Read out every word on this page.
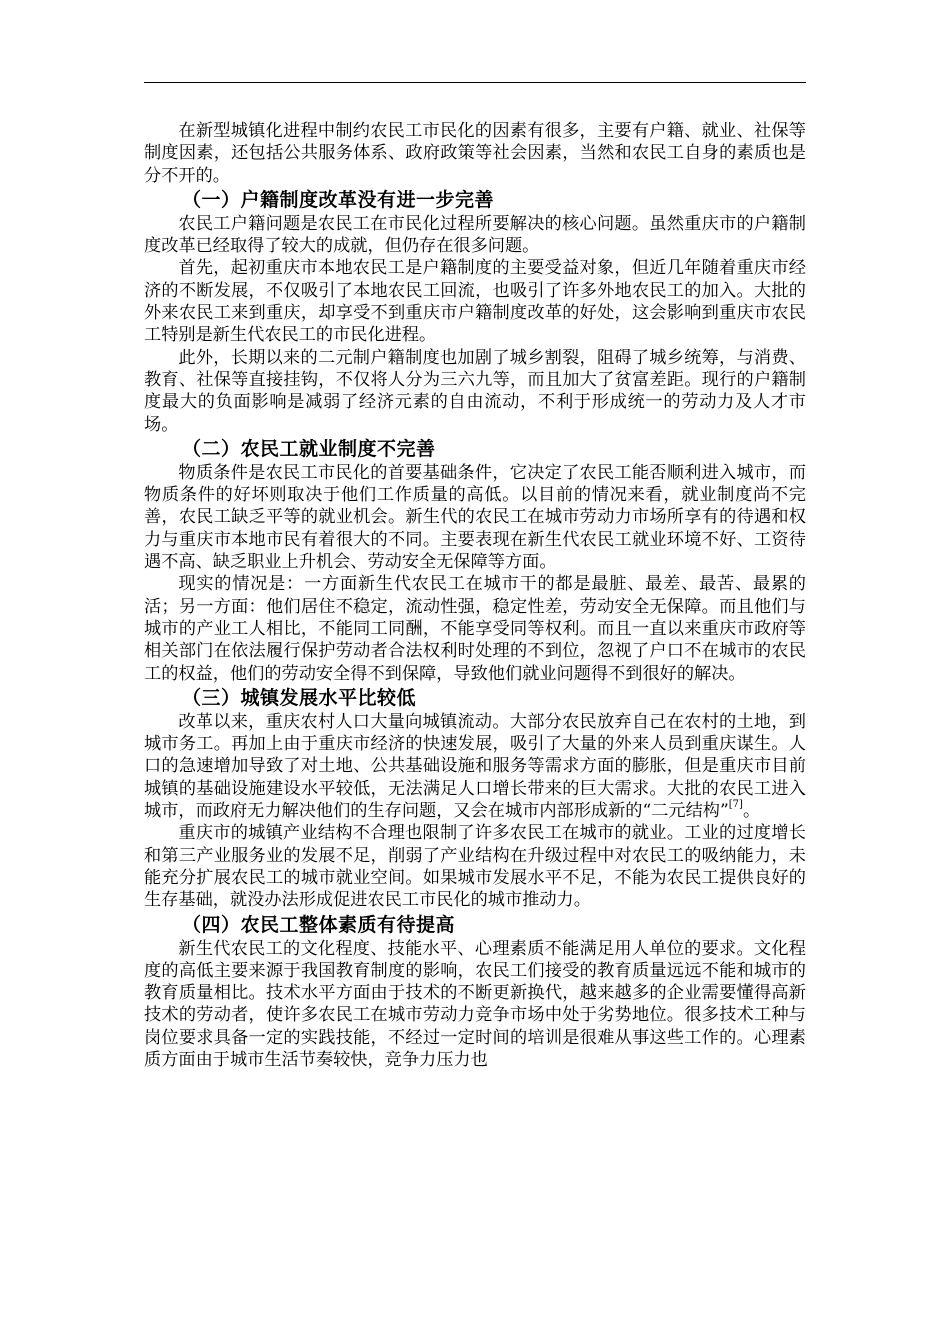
在新型城镇化进程中制约农民工市民化的因素有很多，主要有户籍、就业、社保等制度因素，还包括公共服务体系、政府政策等社会因素，当然和农民工自身的素质也是分不开的。

（一）户籍制度改革没有进一步完善

农民工户籍问题是农民工在市民化过程所要解决的核心问题。虽然重庆市的户籍制度改革已经取得了较大的成就，但仍存在很多问题。

首先，起初重庆市本地农民工是户籍制度的主要受益对象，但近几年随着重庆市经济的不断发展，不仅吸引了本地农民工回流，也吸引了许多外地农民工的加入。大批的外来农民工来到重庆，却享受不到重庆市户籍制度改革的好处，这会影响到重庆市农民工特别是新生代农民工的市民化进程。

此外，长期以来的二元制户籍制度也加剧了城乡割裂，阻碍了城乡统筹，与消费、教育、社保等直接挂钩，不仅将人分为三六九等，而且加大了贫富差距。现行的户籍制度最大的负面影响是减弱了经济元素的自由流动，不利于形成统一的劳动力及人才市场。

（二）农民工就业制度不完善

物质条件是农民工市民化的首要基础条件，它决定了农民工能否顺利进入城市，而物质条件的好坏则取决于他们工作质量的高低。以目前的情况来看，就业制度尚不完善，农民工缺乏平等的就业机会。新生代的农民工在城市劳动力市场所享有的待遇和权力与重庆市本地市民有着很大的不同。主要表现在新生代农民工就业环境不好、工资待遇不高、缺乏职业上升机会、劳动安全无保障等方面。

现实的情况是：一方面新生代农民工在城市干的都是最脏、最差、最苦、最累的活；另一方面：他们居住不稳定，流动性强，稳定性差，劳动安全无保障。而且他们与城市的产业工人相比，不能同工同酬，不能享受同等权利。而且一直以来重庆市政府等相关部门在依法履行保护劳动者合法权利时处理的不到位，忽视了户口不在城市的农民工的权益，他们的劳动安全得不到保障，导致他们就业问题得不到很好的解决。

（三）城镇发展水平比较低

改革以来，重庆农村人口大量向城镇流动。大部分农民放弃自己在农村的土地，到城市务工。再加上由于重庆市经济的快速发展，吸引了大量的外来人员到重庆谋生。人口的急速增加导致了对土地、公共基础设施和服务等需求方面的膨胀，但是重庆市目前城镇的基础设施建设水平较低，无法满足人口增长带来的巨大需求。大批的农民工进入城市，而政府无力解决他们的生存问题，又会在城市内部形成新的“二元结构”[7]。

重庆市的城镇产业结构不合理也限制了许多农民工在城市的就业。工业的过度增长和第三产业服务业的发展不足，削弱了产业结构在升级过程中对农民工的吸纳能力，未能充分扩展农民工的城市就业空间。如果城市发展水平不足，不能为农民工提供良好的生存基础，就没办法形成促进农民工市民化的城市推动力。

（四）农民工整体素质有待提高

新生代农民工的文化程度、技能水平、心理素质不能满足用人单位的要求。文化程度的高低主要来源于我国教育制度的影响，农民工们接受的教育质量远远不能和城市的教育质量相比。技术水平方面由于技术的不断更新换代，越来越多的企业需要懂得高新技术的劳动者，使许多农民工在城市劳动力竞争市场中处于劣势地位。很多技术工种与岗位要求具备一定的实践技能，不经过一定时间的培训是很难从事这些工作的。心理素质方面由于城市生活节奏较快，竞争力压力也
